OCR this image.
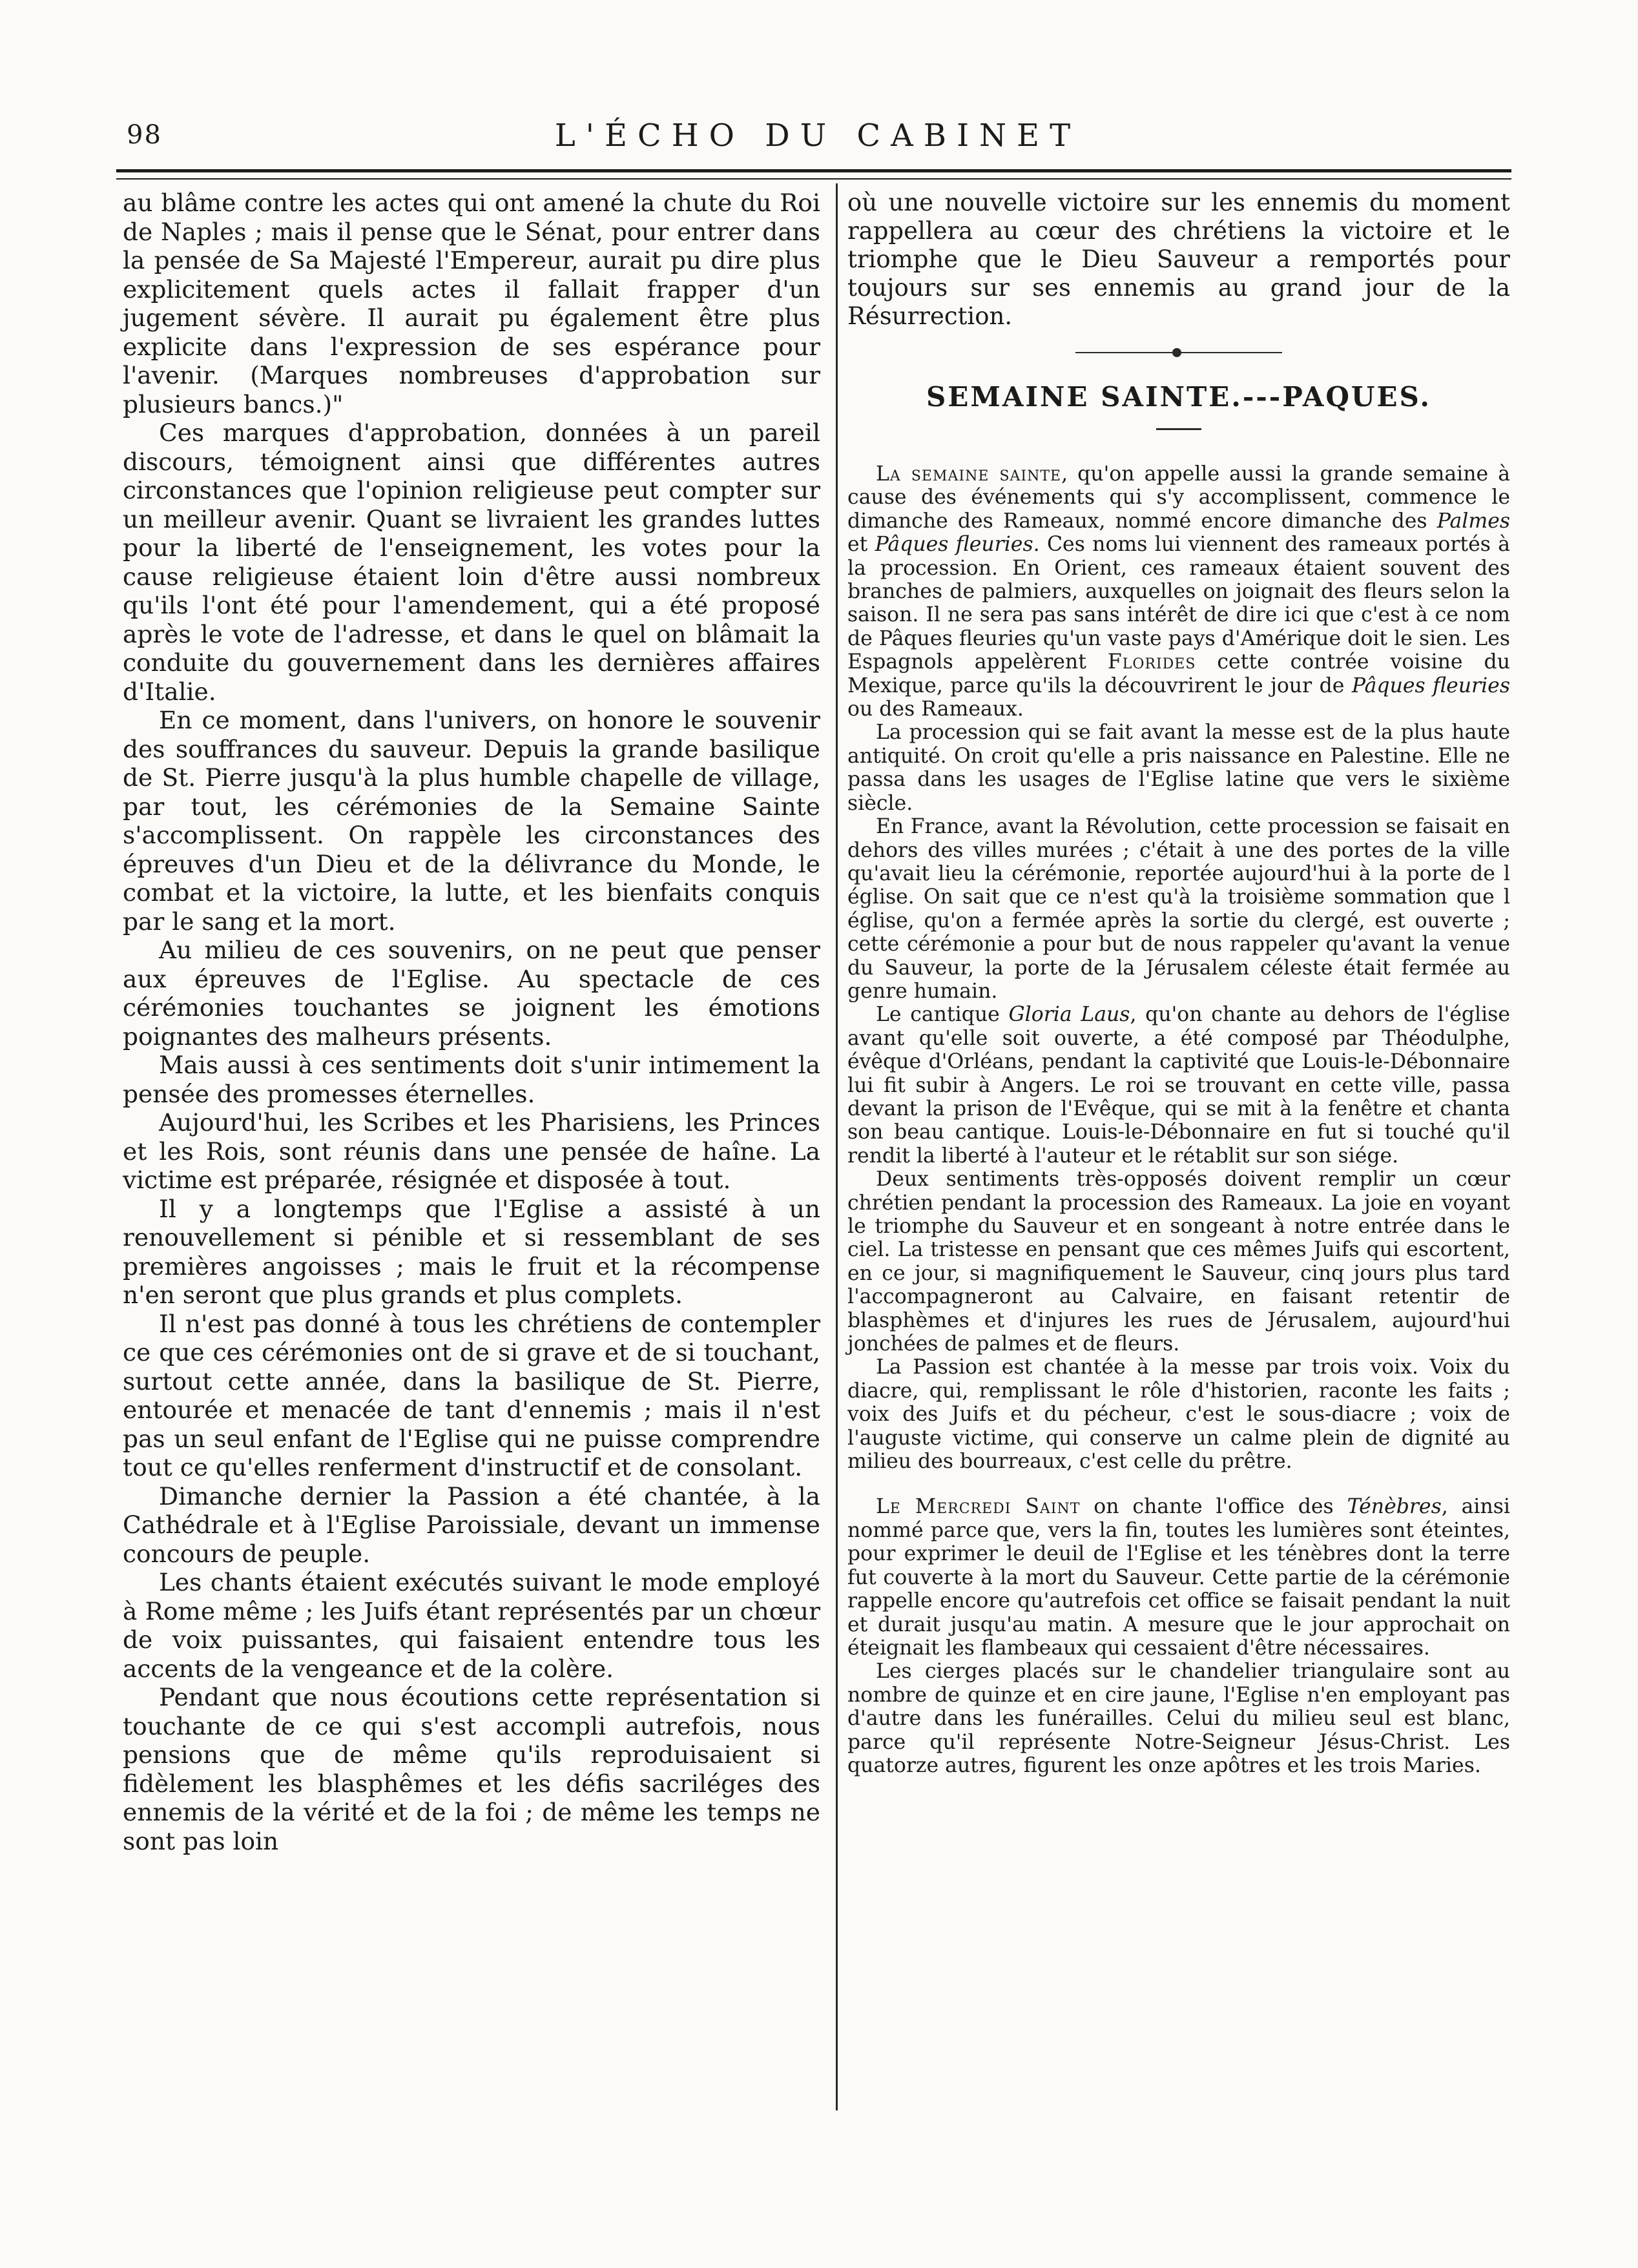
98	L'ÉCHO DU CABINET

au blâme contre les actes qui ont amené la chute du Roi de Naples ; mais il pense que le Sénat, pour entrer dans la pensée de Sa Majesté l'Empereur, aurait pu dire plus explicitement quels actes il fallait frapper d'un jugement sévère. Il aurait pu également être plus explicite dans l'expression de ses espérance pour l'avenir. (Marques nombreuses d'approbation sur plusieurs bancs.)"

Ces marques d'approbation, données à un pareil discours, témoignent ainsi que différentes autres circonstances que l'opinion religieuse peut compter sur un meilleur avenir. Quant se livraient les grandes luttes pour la liberté de l'enseignement, les votes pour la cause religieuse étaient loin d'être aussi nombreux qu'ils l'ont été pour l'amendement, qui a été proposé après le vote de l'adresse, et dans le quel on blâmait la conduite du gouvernement dans les dernières affaires d'Italie.

En ce moment, dans l'univers, on honore le souvenir des souffrances du sauveur. Depuis la grande basilique de St. Pierre jusqu'à la plus humble chapelle de village, par tout, les cérémonies de la Semaine Sainte s'accomplissent. On rappèle les circonstances des épreuves d'un Dieu et de la délivrance du Monde, le combat et la victoire, la lutte, et les bienfaits conquis par le sang et la mort.

Au milieu de ces souvenirs, on ne peut que penser aux épreuves de l'Eglise. Au spectacle de ces cérémonies touchantes se joignent les émotions poignantes des malheurs présents.

Mais aussi à ces sentiments doit s'unir intimement la pensée des promesses éternelles.

Aujourd'hui, les Scribes et les Pharisiens, les Princes et les Rois, sont réunis dans une pensée de haîne. La victime est préparée, résignée et disposée à tout.

Il y a longtemps que l'Eglise a assisté à un renouvellement si pénible et si ressemblant de ses premières angoisses ; mais le fruit et la récompense n'en seront que plus grands et plus complets.

Il n'est pas donné à tous les chrétiens de contempler ce que ces cérémonies ont de si grave et de si touchant, surtout cette année, dans la basilique de St. Pierre, entourée et menacée de tant d'ennemis ; mais il n'est pas un seul enfant de l'Eglise qui ne puisse comprendre tout ce qu'elles renferment d'instructif et de consolant.

Dimanche dernier la Passion a été chantée, à la Cathédrale et à l'Eglise Paroissiale, devant un immense concours de peuple.

Les chants étaient exécutés suivant le mode employé à Rome même ; les Juifs étant représentés par un chœur de voix puissantes, qui faisaient entendre tous les accents de la vengeance et de la colère.

Pendant que nous écoutions cette représentation si touchante de ce qui s'est accompli autrefois, nous pensions que de même qu'ils reproduisaient si fidèlement les blasphêmes et les défis sacriléges des ennemis de la vérité et de la foi ; de même les temps ne sont pas loin

où une nouvelle victoire sur les ennemis du moment rappellera au cœur des chrétiens la victoire et le triomphe que le Dieu Sauveur a remportés pour toujours sur ses ennemis au grand jour de la Résurrection.

SEMAINE SAINTE.---PAQUES.

La semaine sainte, qu'on appelle aussi la grande semaine à cause des événements qui s'y accomplissent, commence le dimanche des Rameaux, nommé encore dimanche des Palmes et Pâques fleuries. Ces noms lui viennent des rameaux portés à la procession. En Orient, ces rameaux étaient souvent des branches de palmiers, auxquelles on joignait des fleurs selon la saison. Il ne sera pas sans intérêt de dire ici que c'est à ce nom de Pâques fleuries qu'un vaste pays d'Amérique doit le sien. Les Espagnols appelèrent Florides cette contrée voisine du Mexique, parce qu'ils la découvrirent le jour de Pâques fleuries ou des Rameaux.

La procession qui se fait avant la messe est de la plus haute antiquité. On croit qu'elle a pris naissance en Palestine. Elle ne passa dans les usages de l'Eglise latine que vers le sixième siècle.

En France, avant la Révolution, cette procession se faisait en dehors des villes murées ; c'était à une des portes de la ville qu'avait lieu la cérémonie, reportée aujourd'hui à la porte de l église. On sait que ce n'est qu'à la troisième sommation que l église, qu'on a fermée après la sortie du clergé, est ouverte ; cette cérémonie a pour but de nous rappeler qu'avant la venue du Sauveur, la porte de la Jérusalem céleste était fermée au genre humain.

Le cantique Gloria Laus, qu'on chante au dehors de l'église avant qu'elle soit ouverte, a été composé par Théodulphe, évêque d'Orléans, pendant la captivité que Louis-le-Débonnaire lui fit subir à Angers. Le roi se trouvant en cette ville, passa devant la prison de l'Evêque, qui se mit à la fenêtre et chanta son beau cantique. Louis-le-Débonnaire en fut si touché qu'il rendit la liberté à l'auteur et le rétablit sur son siége.

Deux sentiments très-opposés doivent remplir un cœur chrétien pendant la procession des Rameaux. La joie en voyant le triomphe du Sauveur et en songeant à notre entrée dans le ciel. La tristesse en pensant que ces mêmes Juifs qui escortent, en ce jour, si magnifiquement le Sauveur, cinq jours plus tard l'accompagneront au Calvaire, en faisant retentir de blasphèmes et d'injures les rues de Jérusalem, aujourd'hui jonchées de palmes et de fleurs.

La Passion est chantée à la messe par trois voix. Voix du diacre, qui, remplissant le rôle d'historien, raconte les faits ; voix des Juifs et du pécheur, c'est le sous-diacre ; voix de l'auguste victime, qui conserve un calme plein de dignité au milieu des bourreaux, c'est celle du prêtre.

Le Mercredi Saint on chante l'office des Ténèbres, ainsi nommé parce que, vers la fin, toutes les lumières sont éteintes, pour exprimer le deuil de l'Eglise et les ténèbres dont la terre fut couverte à la mort du Sauveur. Cette partie de la cérémonie rappelle encore qu'autrefois cet office se faisait pendant la nuit et durait jusqu'au matin. A mesure que le jour approchait on éteignait les flambeaux qui cessaient d'être nécessaires.

Les cierges placés sur le chandelier triangulaire sont au nombre de quinze et en cire jaune, l'Eglise n'en employant pas d'autre dans les funérailles. Celui du milieu seul est blanc, parce qu'il représente Notre-Seigneur Jésus-Christ. Les quatorze autres, figurent les onze apôtres et les trois Maries.
